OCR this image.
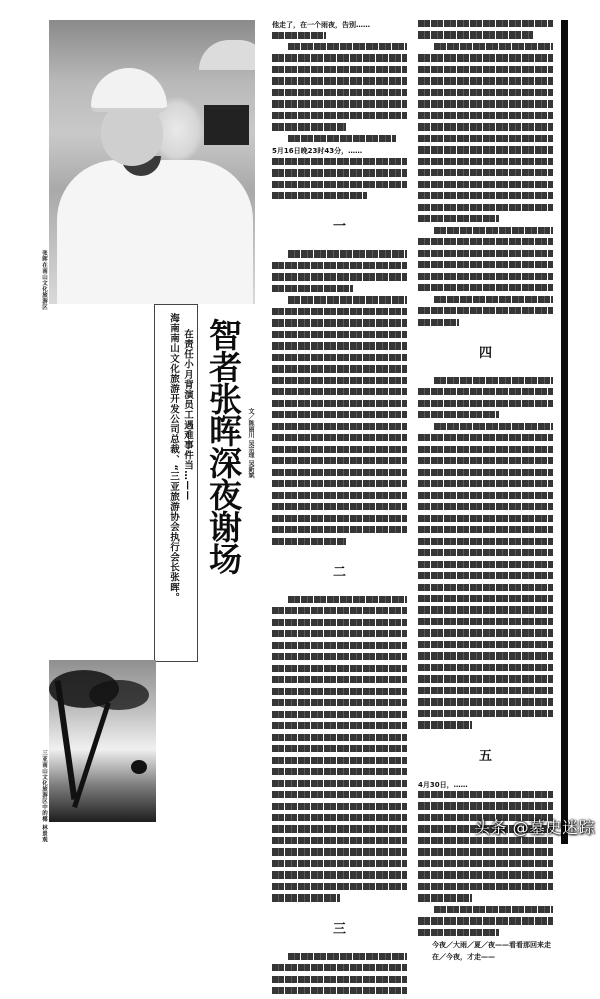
张晖在南山文化旅游区
在责任小月背演员工遇难事件当…——
海南南山文化旅游开发公司总裁、“三亚旅游协会执行会长张晖。 智者张晖深夜谢场 文／陈丽川 吴宗理 吴新斌
三亚南山文化旅游区中的椰 林景观
他走了，在一个雨夜，告别……
5月16日晚23时43分，……
一
二
三
四
五
4月30日，……
今夜／大雨／夏／夜——看看那回来走在／今夜，才走——
头条 @墓史迷踪
